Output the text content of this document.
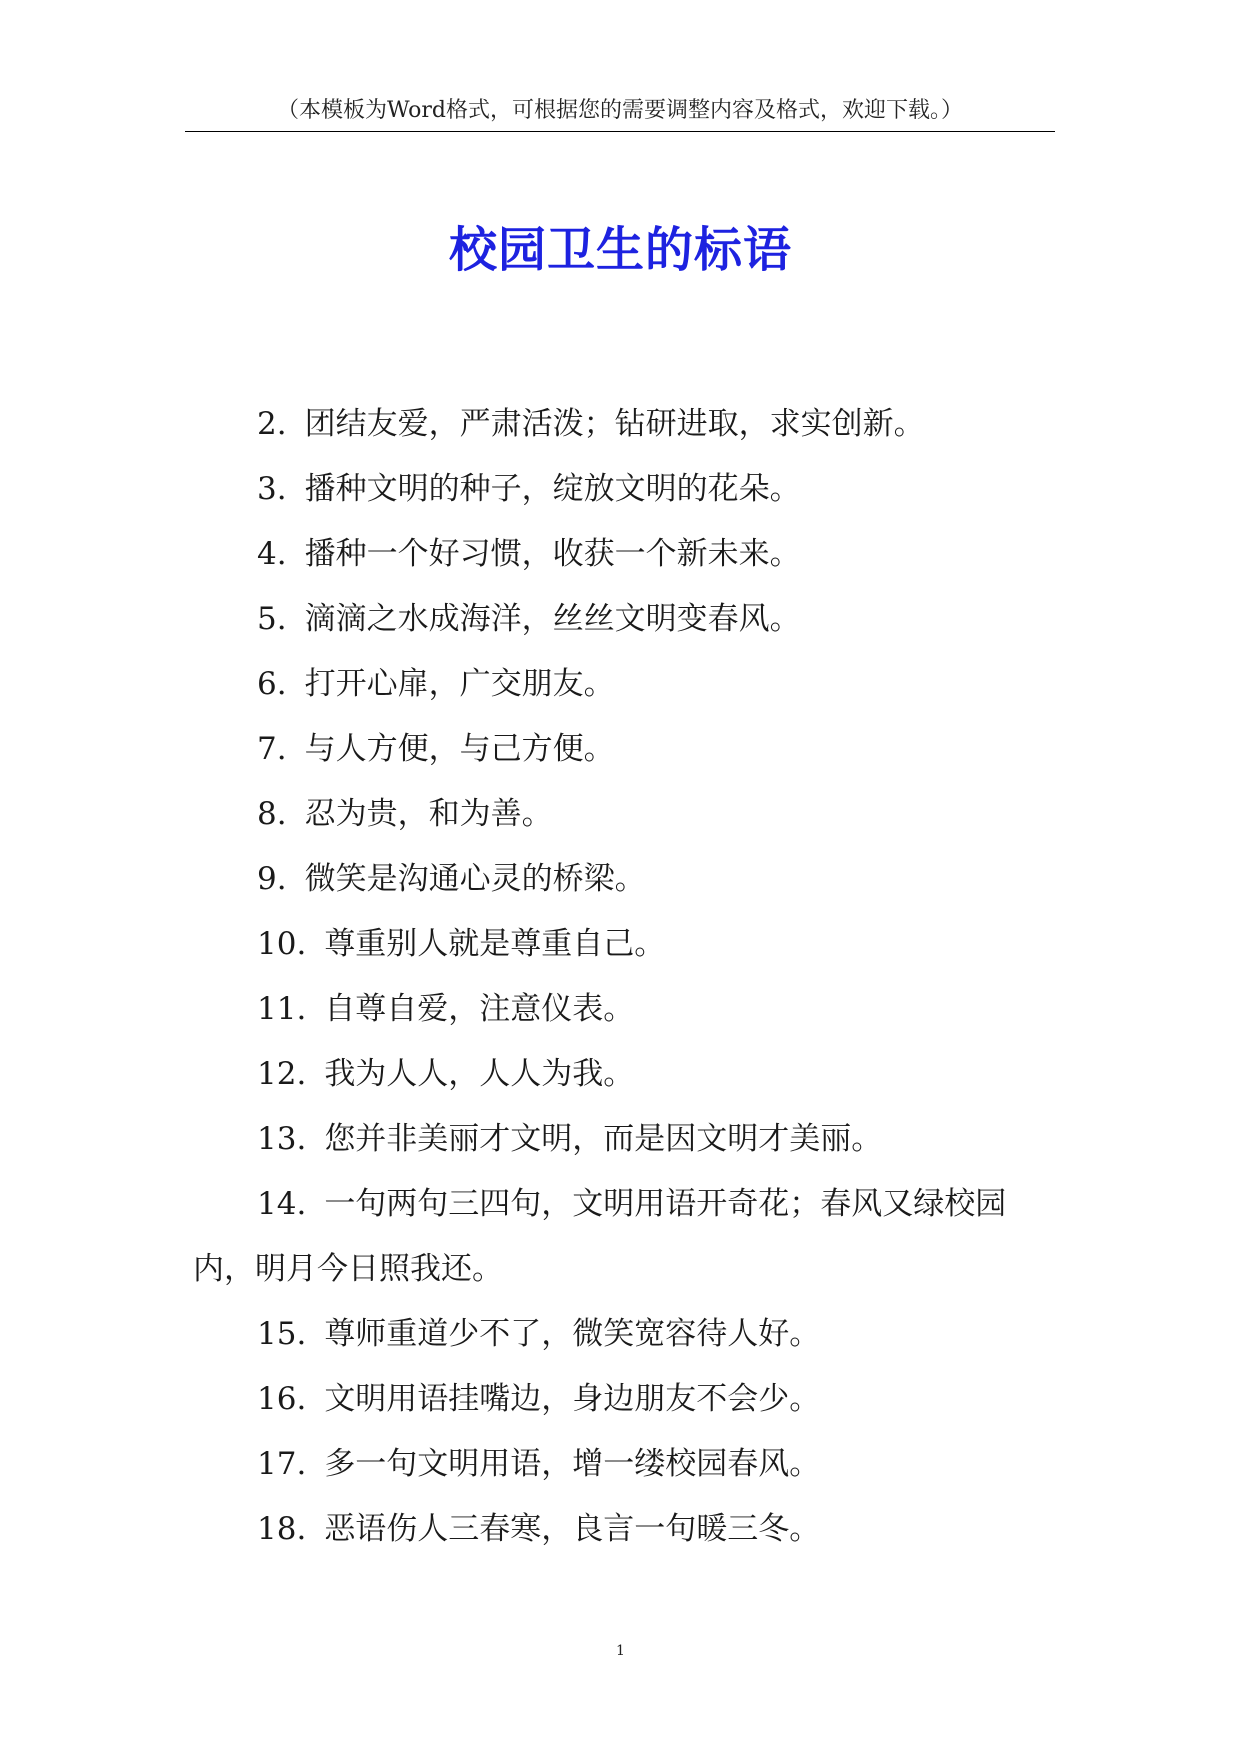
（本模板为Word格式，可根据您的需要调整内容及格式，欢迎下载。）
校园卫生的标语

2. 团结友爱，严肃活泼；钻研进取，求实创新。

3. 播种文明的种子，绽放文明的花朵。

4. 播种一个好习惯，收获一个新未来。

5. 滴滴之水成海洋，丝丝文明变春风。

6. 打开心扉，广交朋友。

7. 与人方便，与己方便。

8. 忍为贵，和为善。

9. 微笑是沟通心灵的桥梁。

10. 尊重别人就是尊重自己。

11. 自尊自爱，注意仪表。

12. 我为人人，人人为我。

13. 您并非美丽才文明，而是因文明才美丽。

14. 一句两句三四句，文明用语开奇花；春风又绿校园内，明月今日照我还。

15. 尊师重道少不了，微笑宽容待人好。

16. 文明用语挂嘴边，身边朋友不会少。

17. 多一句文明用语，增一缕校园春风。

18. 恶语伤人三春寒，良言一句暖三冬。

1
